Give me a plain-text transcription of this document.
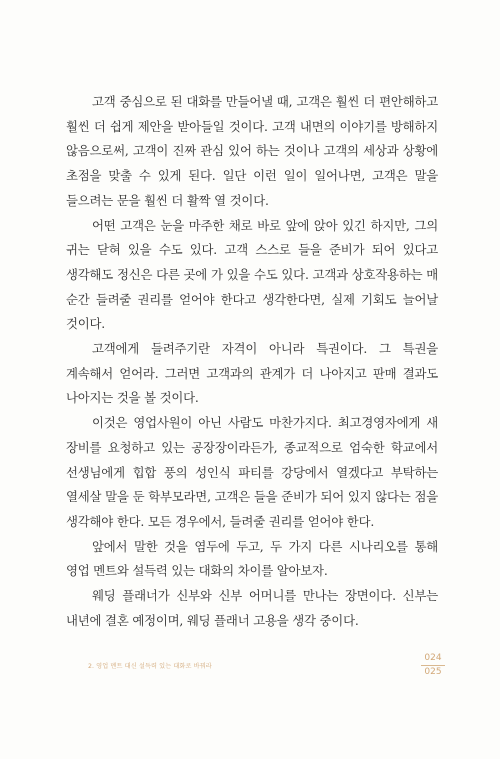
고객 중심으로 된 대화를 만들어낼 때, 고객은 훨씬 더 편안해하고 훨씬 더 쉽게 제안을 받아들일 것이다. 고객 내면의 이야기를 방해하지 않음으로써, 고객이 진짜 관심 있어 하는 것이나 고객의 세상과 상황에 초점을 맞출 수 있게 된다. 일단 이런 일이 일어나면, 고객은 말을 들으려는 문을 훨씬 더 활짝 열 것이다.

어떤 고객은 눈을 마주한 채로 바로 앞에 앉아 있긴 하지만, 그의 귀는 닫혀 있을 수도 있다. 고객 스스로 들을 준비가 되어 있다고 생각해도 정신은 다른 곳에 가 있을 수도 있다. 고객과 상호작용하는 매 순간 들려줄 권리를 얻어야 한다고 생각한다면, 실제 기회도 늘어날 것이다.

고객에게 들려주기란 자격이 아니라 특권이다. 그 특권을 계속해서 얻어라. 그러면 고객과의 관계가 더 나아지고 판매 결과도 나아지는 것을 볼 것이다.

이것은 영업사원이 아닌 사람도 마찬가지다. 최고경영자에게 새 장비를 요청하고 있는 공장장이라든가, 종교적으로 엄숙한 학교에서 선생님에게 힙합 풍의 성인식 파티를 강당에서 열겠다고 부탁하는 열세살 말을 둔 학부모라면, 고객은 들을 준비가 되어 있지 않다는 점을 생각해야 한다. 모든 경우에서, 들려줄 권리를 얻어야 한다.

앞에서 말한 것을 염두에 두고, 두 가지 다른 시나리오를 통해 영업 멘트와 설득력 있는 대화의 차이를 알아보자.

웨딩 플래너가 신부와 신부 어머니를 만나는 장면이다. 신부는 내년에 결혼 예정이며, 웨딩 플래너 고용을 생각 중이다.

2. 영업 멘트 대신 설득력 있는 대화로 바꿔라
024
025
